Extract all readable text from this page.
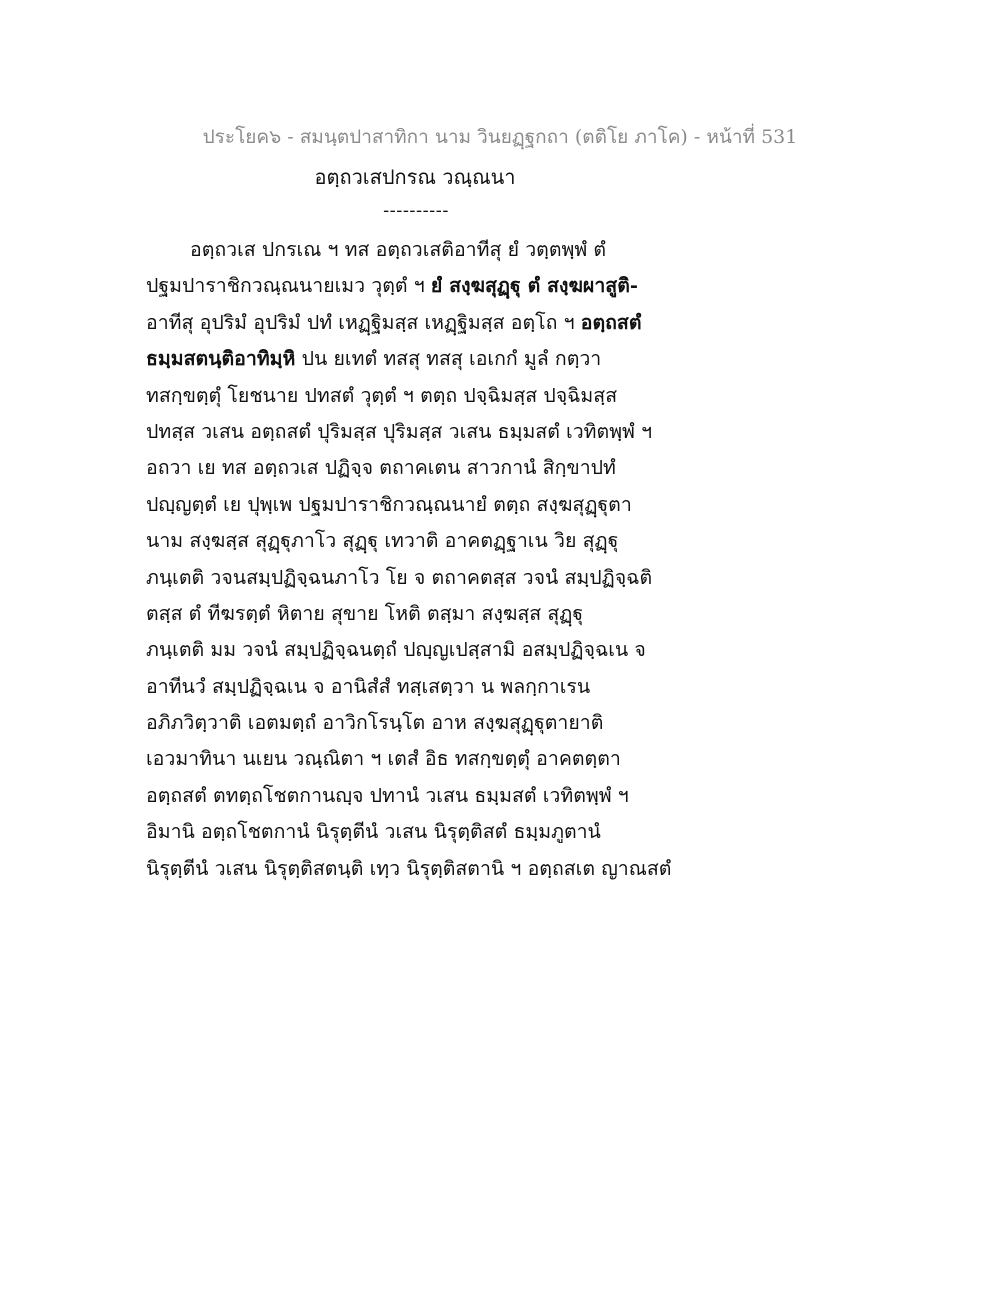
ประโยค๖ - สมนฺตปาสาทิกา นาม วินยฏฺฐกถา (ตติโย ภาโค) - หน้าที่ 531
อตฺถวเสปกรณ วณฺณนา
----------
อตฺถวเส ปกรเณ ฯ ทส อตฺถวเสติอาทีสุ ยํ วตฺตพฺพํ ตํ
ปฐมปาราชิกวณฺณนายเมว วุตฺตํ ฯ ยํ สงฺฆสุฏฺฐุ ตํ สงฺฆผาสูติ-
อาทีสุ อุปริมํ อุปริมํ ปทํ เหฏฺฐิมสฺส เหฏฺฐิมสฺส อตฺโถ ฯ อตฺถสตํ
ธมฺมสตนฺติอาทิมฺหิ ปน ยเทตํ ทสสุ ทสสุ เอเกกํ มูลํ กตฺวา
ทสกฺขตฺตุํ โยชนาย ปทสตํ วุตฺตํ ฯ ตตฺถ ปจฺฉิมสฺส ปจฺฉิมสฺส
ปทสฺส วเสน อตฺถสตํ ปุริมสฺส ปุริมสฺส วเสน ธมฺมสตํ เวทิตพฺพํ ฯ
อถวา เย ทส อตฺถวเส ปฏิจฺจ ตถาคเตน สาวกานํ สิกฺขาปทํ
ปญฺญตฺตํ เย ปุพฺเพ ปฐมปาราชิกวณฺณนายํ ตตฺถ สงฺฆสุฏฺฐุตา
นาม สงฺฆสฺส สุฏฺฐุภาโว สุฏฺฐุ เทวาติ อาคตฏฺฐาเน วิย สุฏฺฐุ
ภนฺเตติ วจนสมฺปฏิจฺฉนภาโว โย จ ตถาคตสฺส วจนํ สมฺปฏิจฺฉติ
ตสฺส ตํ ทีฆรตฺตํ หิตาย สุขาย โหติ ตสฺมา สงฺฆสฺส สุฏฺฐุ
ภนฺเตติ มม วจนํ สมฺปฏิจฺฉนตฺถํ ปญฺญเปสฺสามิ อสมฺปฏิจฺฉเน จ
อาทีนวํ สมฺปฏิจฺฉเน จ อานิสํสํ ทสฺเสตฺวา น พลกฺกาเรน
อภิภวิตฺวาติ เอตมตฺถํ อาวิกโรนฺโต อาห สงฺฆสุฏฺฐุตายาติ
เอวมาทินา นเยน วณฺณิตา ฯ เตสํ อิธ ทสกฺขตฺตุํ อาคตตฺตา
อตฺถสตํ ตทตฺถโชตกานญฺจ ปทานํ วเสน ธมฺมสตํ เวทิตพฺพํ ฯ
อิมานิ อตฺถโชตกานํ นิรุตฺตีนํ วเสน นิรุตฺติสตํ ธมฺมภูตานํ
นิรุตฺตีนํ วเสน นิรุตฺติสตนฺติ เทฺว นิรุตฺติสตานิ ฯ อตฺถสเต ญาณสตํ
